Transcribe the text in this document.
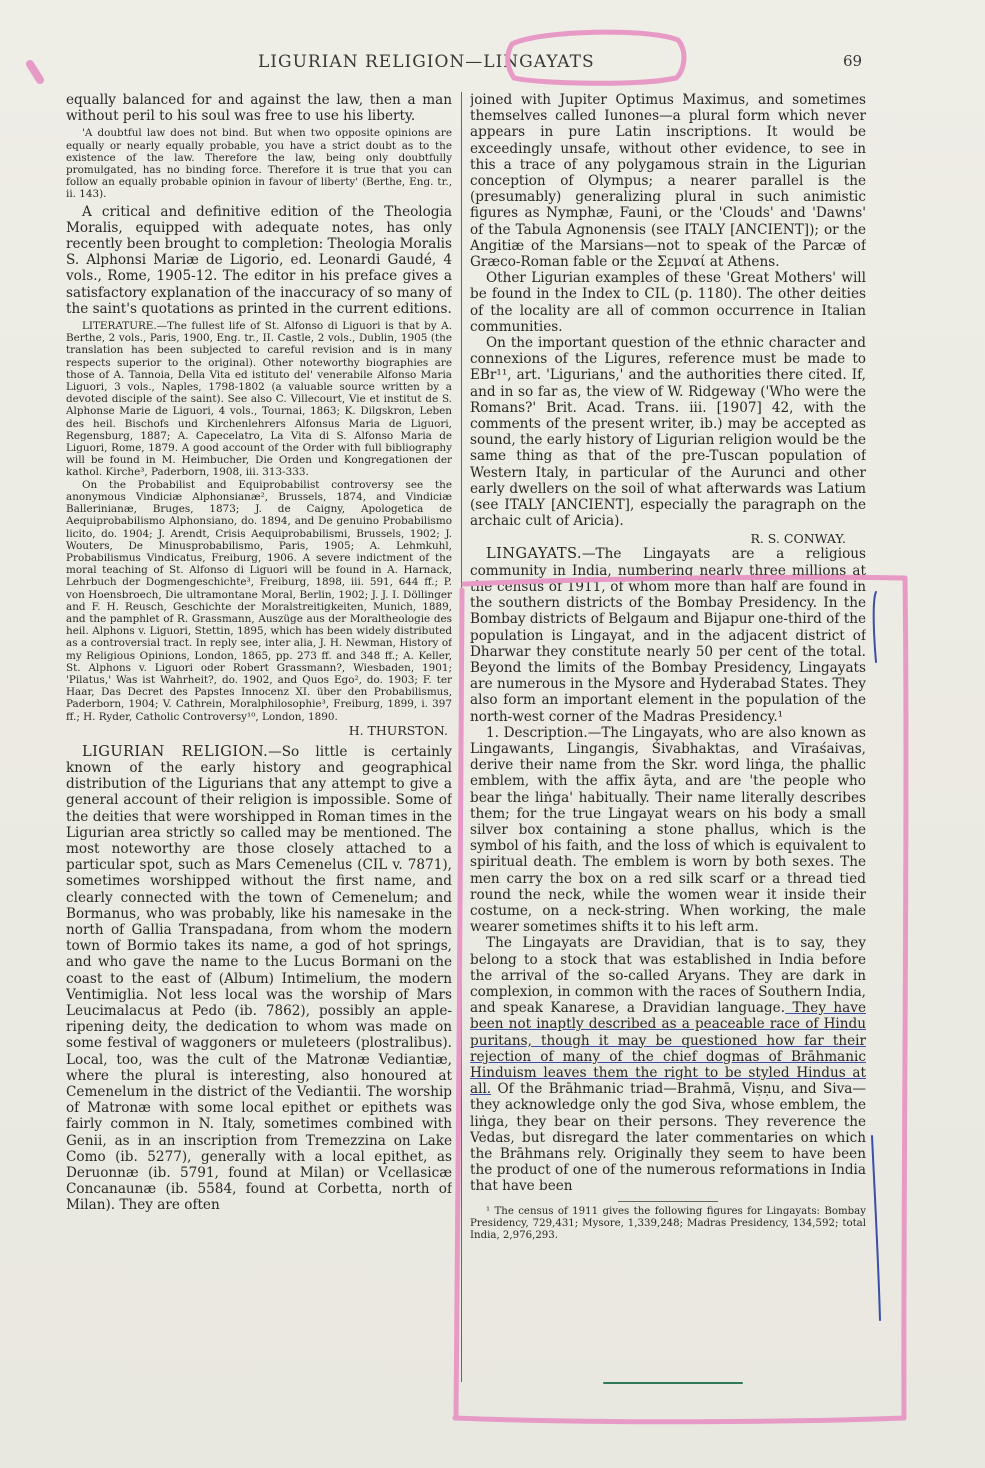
LIGURIAN RELIGION—LINGAYATS	69

equally balanced for and against the law, then a man without peril to his soul was free to use his liberty.

'A doubtful law does not bind. But when two opposite opinions are equally or nearly equally probable, you have a strict doubt as to the existence of the law. Therefore the law, being only doubtfully promulgated, has no binding force. Therefore it is true that you can follow an equally probable opinion in favour of liberty' (Berthe, Eng. tr., ii. 143).

A critical and definitive edition of the Theologia Moralis, equipped with adequate notes, has only recently been brought to completion: Theologia Moralis S. Alphonsi Mariæ de Ligorio, ed. Leonardi Gaudé, 4 vols., Rome, 1905-12. The editor in his preface gives a satisfactory explanation of the inaccuracy of so many of the saint's quotations as printed in the current editions.

LITERATURE.—The fullest life of St. Alfonso di Liguori is that by A. Berthe, 2 vols., Paris, 1900, Eng. tr., II. Castle, 2 vols., Dublin, 1905 (the translation has been subjected to careful revision and is in many respects superior to the original). Other noteworthy biographies are those of A. Tannoia, Della Vita ed istituto del' venerabile Alfonso Maria Liguori, 3 vols., Naples, 1798-1802 (a valuable source written by a devoted disciple of the saint). See also C. Villecourt, Vie et institut de S. Alphonse Marie de Liguori, 4 vols., Tournai, 1863; K. Dilgskron, Leben des heil. Bischofs und Kirchenlehrers Alfonsus Maria de Liguori, Regensburg, 1887; A. Capecelatro, La Vita di S. Alfonso Maria de Liguori, Rome, 1879. A good account of the Order with full bibliography will be found in M. Heimbucher, Die Orden und Kongregationen der kathol. Kirche³, Paderborn, 1908, iii. 313-333.

On the Probabilist and Equiprobabilist controversy see the anonymous Vindiciæ Alphonsianæ², Brussels, 1874, and Vindiciæ Ballerinianæ, Bruges, 1873; J. de Caigny, Apologetica de Aequiprobabilismo Alphonsiano, do. 1894, and De genuino Probabilismo licito, do. 1904; J. Arendt, Crisis Aequiprobabilismi, Brussels, 1902; J. Wouters, De Minusprobabilismo, Paris, 1905; A. Lehmkuhl, Probabilismus Vindicatus, Freiburg, 1906. A severe indictment of the moral teaching of St. Alfonso di Liguori will be found in A. Harnack, Lehrbuch der Dogmengeschichte³, Freiburg, 1898, iii. 591, 644 ff.; P. von Hoensbroech, Die ultramontane Moral, Berlin, 1902; J. J. I. Döllinger and F. H. Reusch, Geschichte der Moralstreitigkeiten, Munich, 1889, and the pamphlet of R. Grassmann, Auszüge aus der Moraltheologie des heil. Alphons v. Liguori, Stettin, 1895, which has been widely distributed as a controversial tract. In reply see, inter alia, J. H. Newman, History of my Religious Opinions, London, 1865, pp. 273 ff. and 348 ff.; A. Keller, St. Alphons v. Liguori oder Robert Grassmann?, Wiesbaden, 1901; 'Pilatus,' Was ist Wahrheit?, do. 1902, and Quos Ego², do. 1903; F. ter Haar, Das Decret des Papstes Innocenz XI. über den Probabilismus, Paderborn, 1904; V. Cathrein, Moralphilosophie³, Freiburg, 1899, i. 397 ff.; H. Ryder, Catholic Controversy¹⁰, London, 1890.

H. THURSTON.

LIGURIAN RELIGION.—So little is certainly known of the early history and geographical distribution of the Ligurians that any attempt to give a general account of their religion is impossible. Some of the deities that were worshipped in Roman times in the Ligurian area strictly so called may be mentioned. The most noteworthy are those closely attached to a particular spot, such as Mars Cemenelus (CIL v. 7871), sometimes worshipped without the first name, and clearly connected with the town of Cemenelum; and Bormanus, who was probably, like his namesake in the north of Gallia Transpadana, from whom the modern town of Bormio takes its name, a god of hot springs, and who gave the name to the Lucus Bormani on the coast to the east of (Album) Intimelium, the modern Ventimiglia. Not less local was the worship of Mars Leucimalacus at Pedo (ib. 7862), possibly an apple-ripening deity, the dedication to whom was made on some festival of waggoners or muleteers (plostralibus). Local, too, was the cult of the Matronæ Vediantiæ, where the plural is interesting, also honoured at Cemenelum in the district of the Vediantii. The worship of Matronæ with some local epithet or epithets was fairly common in N. Italy, sometimes combined with Genii, as in an inscription from Tremezzina on Lake Como (ib. 5277), generally with a local epithet, as Deruonnæ (ib. 5791, found at Milan) or Vcellasicæ Concanaunæ (ib. 5584, found at Corbetta, north of Milan). They are often

joined with Jupiter Optimus Maximus, and sometimes themselves called Iunones—a plural form which never appears in pure Latin inscriptions. It would be exceedingly unsafe, without other evidence, to see in this a trace of any polygamous strain in the Ligurian conception of Olympus; a nearer parallel is the (presumably) generalizing plural in such animistic figures as Nymphæ, Fauni, or the 'Clouds' and 'Dawns' of the Tabula Agnonensis (see ITALY [ANCIENT]); or the Angitiæ of the Marsians—not to speak of the Parcæ of Græco-Roman fable or the Σεμναί at Athens.

Other Ligurian examples of these 'Great Mothers' will be found in the Index to CIL (p. 1180). The other deities of the locality are all of common occurrence in Italian communities.

On the important question of the ethnic character and connexions of the Ligures, reference must be made to EBr¹¹, art. 'Ligurians,' and the authorities there cited. If, and in so far as, the view of W. Ridgeway ('Who were the Romans?' Brit. Acad. Trans. iii. [1907] 42, with the comments of the present writer, ib.) may be accepted as sound, the early history of Ligurian religion would be the same thing as that of the pre-Tuscan population of Western Italy, in particular of the Aurunci and other early dwellers on the soil of what afterwards was Latium (see ITALY [ANCIENT], especially the paragraph on the archaic cult of Aricia).

R. S. CONWAY.

LINGAYATS.—The Lingayats are a religious community in India, numbering nearly three millions at the census of 1911, of whom more than half are found in the southern districts of the Bombay Presidency. In the Bombay districts of Belgaum and Bijapur one-third of the population is Lingayat, and in the adjacent district of Dharwar they constitute nearly 50 per cent of the total. Beyond the limits of the Bombay Presidency, Lingayats are numerous in the Mysore and Hyderabad States. They also form an important element in the population of the north-west corner of the Madras Presidency.¹

1. Description.—The Lingayats, who are also known as Lingawants, Lingangis, Śivabhaktas, and Vīraśaivas, derive their name from the Skr. word liṅga, the phallic emblem, with the affix āyta, and are 'the people who bear the liṅga' habitually. Their name literally describes them; for the true Lingayat wears on his body a small silver box containing a stone phallus, which is the symbol of his faith, and the loss of which is equivalent to spiritual death. The emblem is worn by both sexes. The men carry the box on a red silk scarf or a thread tied round the neck, while the women wear it inside their costume, on a neck-string. When working, the male wearer sometimes shifts it to his left arm.

The Lingayats are Dravidian, that is to say, they belong to a stock that was established in India before the arrival of the so-called Aryans. They are dark in complexion, in common with the races of Southern India, and speak Kanarese, a Dravidian language. They have been not inaptly described as a peaceable race of Hindu puritans, though it may be questioned how far their rejection of many of the chief dogmas of Brāhmanic Hinduism leaves them the right to be styled Hindus at all. Of the Brāhmanic triad—Brahmā, Viṣṇu, and Siva—they acknowledge only the god Siva, whose emblem, the liṅga, they bear on their persons. They reverence the Vedas, but disregard the later commentaries on which the Brāhmans rely. Originally they seem to have been the product of one of the numerous reformations in India that have been

¹ The census of 1911 gives the following figures for Lingayats: Bombay Presidency, 729,431; Mysore, 1,339,248; Madras Presidency, 134,592; total India, 2,976,293.
